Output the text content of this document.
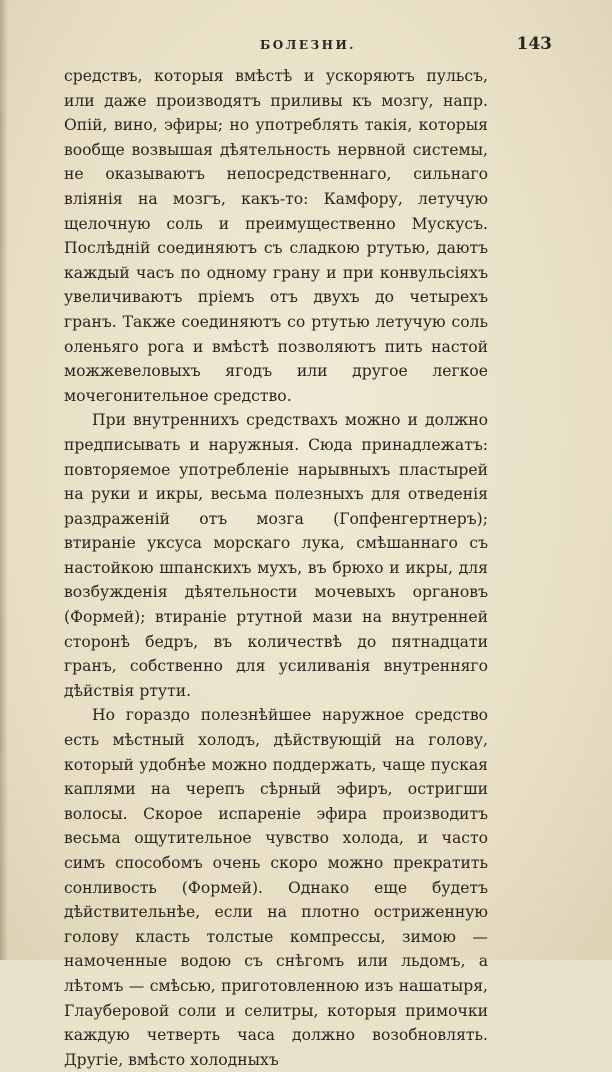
БОЛЕЗНИ.	143

средствъ, которыя вмѣстѣ и ускоряютъ пульсъ, или даже производятъ приливы къ мозгу, напр. Опій, вино, эфиры; но употреблять такія, которыя вообще возвышая дѣятельность нервной системы, не оказываютъ непосредственнаго, сильнаго вліянія на мозгъ, какъ-то: Камфору, летучую щелочную соль и преимущественно Мускусъ. Послѣдній соединяютъ съ сладкою ртутью, даютъ каждый часъ по одному грану и при конвульсіяхъ увеличиваютъ пріемъ отъ двухъ до четырехъ гранъ. Также соединяютъ со ртутью летучую соль оленьяго рога и вмѣстѣ позволяютъ пить настой можжевеловыхъ ягодъ или другое легкое мочегонительное средство.

При внутреннихъ средствахъ можно и должно предписывать и наружныя. Сюда принадлежатъ: повторяемое употребленіе нарывныхъ пластырей на руки и икры, весьма полезныхъ для отведенія раздраженій отъ мозга (Гопфенгертнеръ); втираніе уксуса морскаго лука, смѣшаннаго съ настойкою шпанскихъ мухъ, въ брюхо и икры, для возбужденія дѣятельности мочевыхъ органовъ (Формей); втираніе ртутной мази на внутренней сторонѣ бедръ, въ количествѣ до пятнадцати гранъ, собственно для усиливанія внутренняго дѣйствія ртути.

Но гораздо полезнѣйшее наружное средство есть мѣстный холодъ, дѣйствующій на голову, который удобнѣе можно поддержать, чаще пуская каплями на черепъ сѣрный эфиръ, остригши волосы. Скорое испареніе эфира производитъ весьма ощутительное чувство холода, и часто симъ способомъ очень скоро можно прекратить сонливость (Формей). Однако еще будетъ дѣйствительнѣе, если на плотно остриженную голову класть толстые компрессы, зимою — намоченные водою съ снѣгомъ или льдомъ, а лѣтомъ — смѣсью, приготовленною изъ нашатыря, Глауберовой соли и селитры, которыя примочки каждую четверть часа должно возобновлять. Другіе, вмѣсто холодныхъ
